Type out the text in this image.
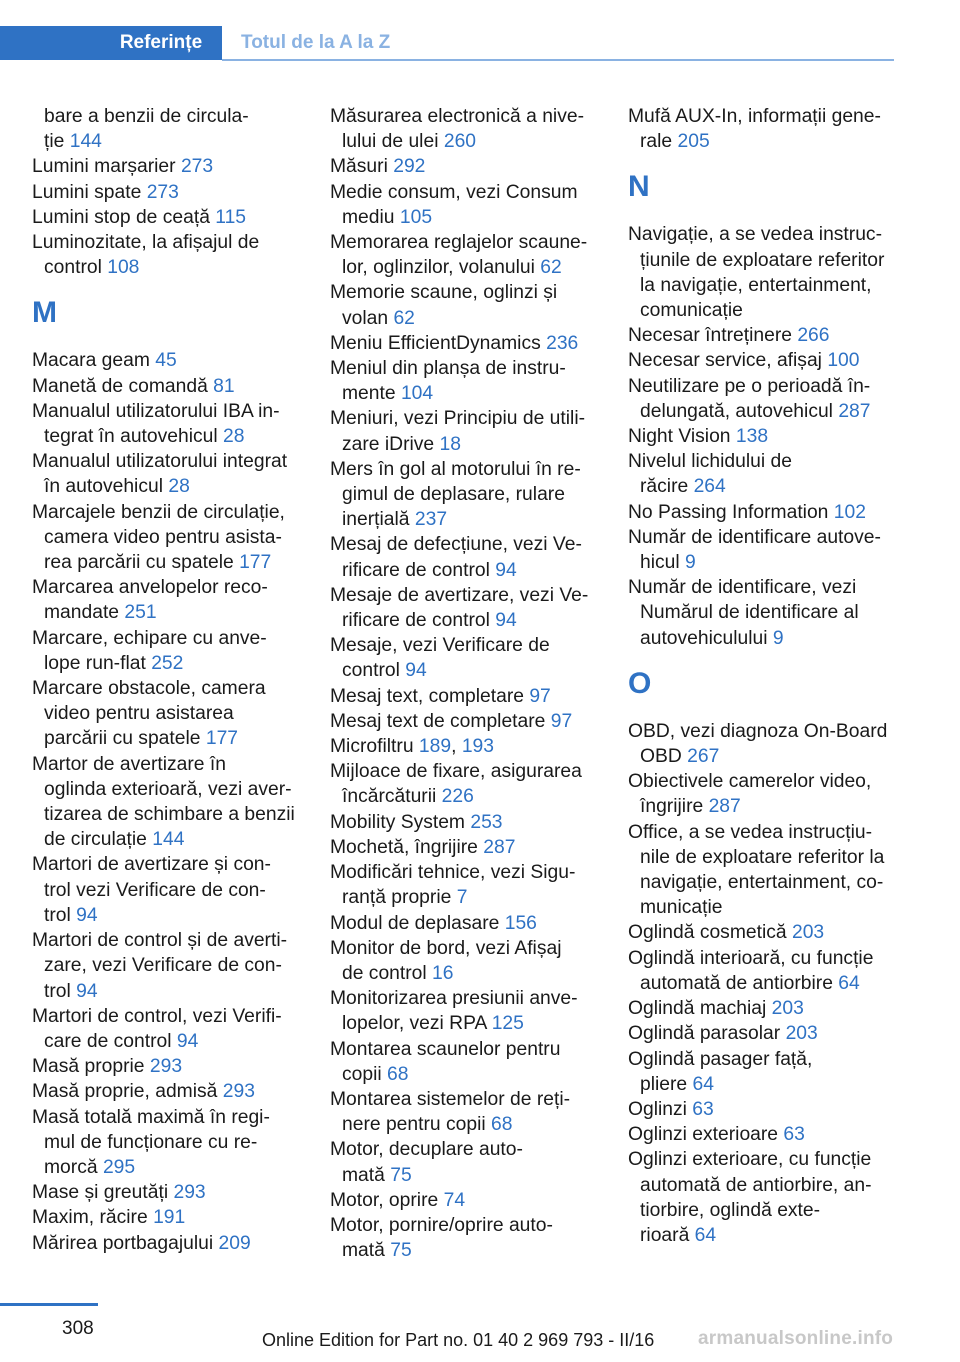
Referințe	Totul de la A la Z
bare a benzii de circula-
ție 144
Lumini marșarier 273
Lumini spate 273
Lumini stop de ceață 115
Luminozitate, la afișajul de
control 108
M
Macara geam 45
Manetă de comandă 81
Manualul utilizatorului IBA in-
tegrat în autovehicul 28
Manualul utilizatorului integrat
în autovehicul 28
Marcajele benzii de circulație,
camera video pentru asista-
rea parcării cu spatele 177
Marcarea anvelopelor reco-
mandate 251
Marcare, echipare cu anve-
lope run-flat 252
Marcare obstacole, camera
video pentru asistarea
parcării cu spatele 177
Martor de avertizare în
oglinda exterioară, vezi aver-
tizarea de schimbare a benzii
de circulație 144
Martori de avertizare și con-
trol vezi Verificare de con-
trol 94
Martori de control și de averti-
zare, vezi Verificare de con-
trol 94
Martori de control, vezi Verifi-
care de control 94
Masă proprie 293
Masă proprie, admisă 293
Masă totală maximă în regi-
mul de funcționare cu re-
morcă 295
Mase și greutăți 293
Maxim, răcire 191
Mărirea portbagajului 209
Măsurarea electronică a nive-
lului de ulei 260
Măsuri 292
Medie consum, vezi Consum
mediu 105
Memorarea reglajelor scaune-
lor, oglinzilor, volanului 62
Memorie scaune, oglinzi și
volan 62
Meniu EfficientDynamics 236
Meniul din planșa de instru-
mente 104
Meniuri, vezi Principiu de utili-
zare iDrive 18
Mers în gol al motorului în re-
gimul de deplasare, rulare
inerțială 237
Mesaj de defecțiune, vezi Ve-
rificare de control 94
Mesaje de avertizare, vezi Ve-
rificare de control 94
Mesaje, vezi Verificare de
control 94
Mesaj text, completare 97
Mesaj text de completare 97
Microfiltru 189, 193
Mijloace de fixare, asigurarea
încărcăturii 226
Mobility System 253
Mochetă, îngrijire 287
Modificări tehnice, vezi Sigu-
ranță proprie 7
Modul de deplasare 156
Monitor de bord, vezi Afișaj
de control 16
Monitorizarea presiunii anve-
lopelor, vezi RPA 125
Montarea scaunelor pentru
copii 68
Montarea sistemelor de reți-
nere pentru copii 68
Motor, decuplare auto-
mată 75
Motor, oprire 74
Motor, pornire/oprire auto-
mată 75
Mufă AUX-In, informații gene-
rale 205
N
Navigație, a se vedea instruc-
țiunile de exploatare referitor
la navigație, entertainment,
comunicație
Necesar întreținere 266
Necesar service, afișaj 100
Neutilizare pe o perioadă în-
delungată, autovehicul 287
Night Vision 138
Nivelul lichidului de
răcire 264
No Passing Information 102
Număr de identificare autove-
hicul 9
Număr de identificare, vezi
Numărul de identificare al
autovehiculului 9
O
OBD, vezi diagnoza On-Board
OBD 267
Obiectivele camerelor video,
îngrijire 287
Office, a se vedea instrucțiu-
nile de exploatare referitor la
navigație, entertainment, co-
municație
Oglindă cosmetică 203
Oglindă interioară, cu funcție
automată de antiorbire 64
Oglindă machiaj 203
Oglindă parasolar 203
Oglindă pasager față,
pliere 64
Oglinzi 63
Oglinzi exterioare 63
Oglinzi exterioare, cu funcție
automată de antiorbire, an-
tiorbire, oglindă exte-
rioară 64
308
Online Edition for Part no. 01 40 2 969 793 - II/16 armanualsonline.info
